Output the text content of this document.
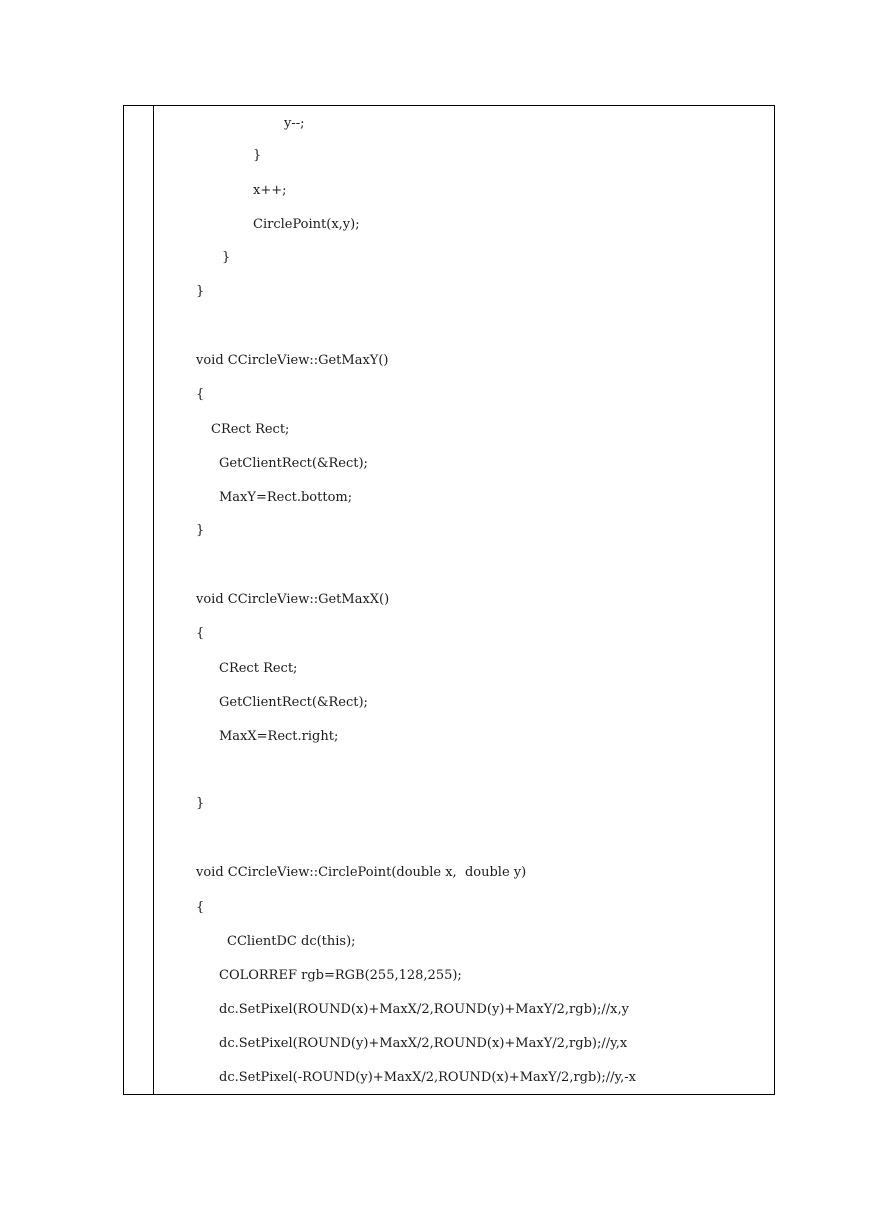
y--;
}
x++;
CirclePoint(x,y);
}
}
void CCircleView::GetMaxY()
{
CRect Rect;
GetClientRect(&Rect);
MaxY=Rect.bottom;
}
void CCircleView::GetMaxX()
{
CRect Rect;
GetClientRect(&Rect);
MaxX=Rect.right;
}
void CCircleView::CirclePoint(double x,  double y)
{
CClientDC dc(this);
COLORREF rgb=RGB(255,128,255);
dc.SetPixel(ROUND(x)+MaxX/2,ROUND(y)+MaxY/2,rgb);//x,y
dc.SetPixel(ROUND(y)+MaxX/2,ROUND(x)+MaxY/2,rgb);//y,x
dc.SetPixel(-ROUND(y)+MaxX/2,ROUND(x)+MaxY/2,rgb);//y,-x
